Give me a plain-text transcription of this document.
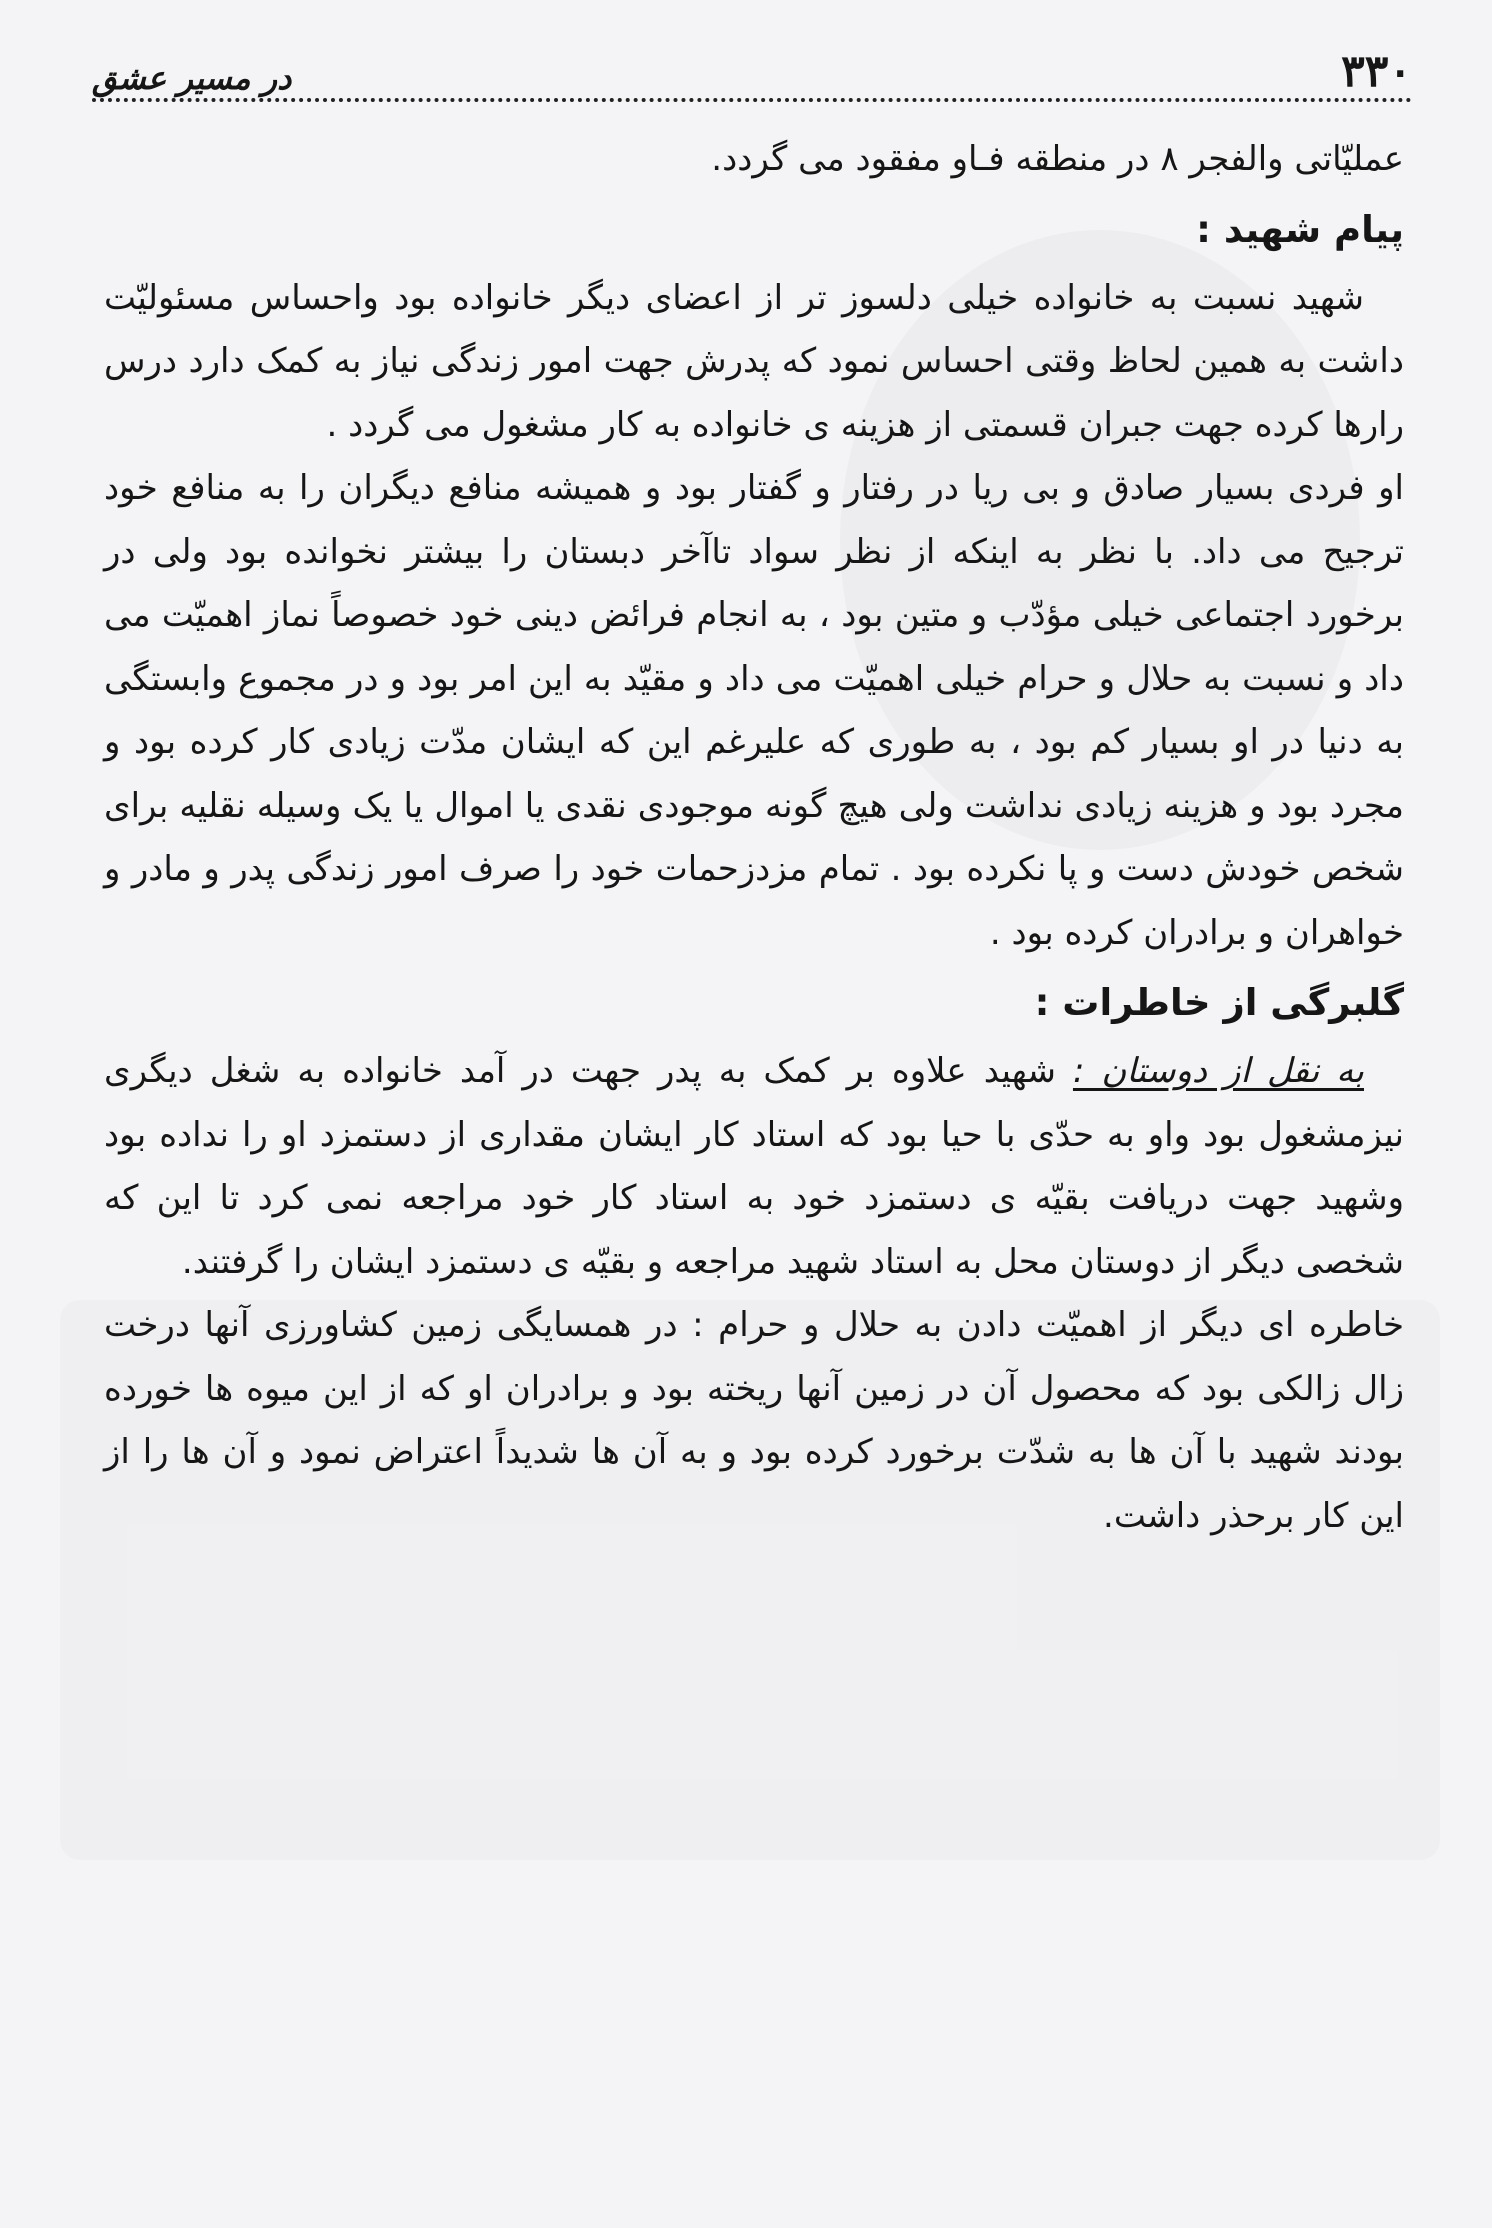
۳۳۰
در مسیر عشق

عملیّاتی والفجر ۸ در منطقه فـاو مفقود می گردد.

پیام شهید :

شهید نسبت به خانواده خیلی دلسوز تر از اعضای دیگر خانواده بود واحساس مسئولیّت داشت به همین لحاظ وقتی احساس نمود که پدرش جهت امور زندگی نیاز به کمک دارد درس رارها کرده جهت جبران قسمتی از هزینه ی خانواده به کار مشغول می گردد .

او فردی بسیار صادق و بی ریا در رفتار و گفتار بود و همیشه منافع دیگران را به منافع خود ترجیح می داد. با نظر به اینکه از نظر سواد تاآخر دبستان را بیشتر نخوانده بود ولی در برخورد اجتماعی خیلی مؤدّب و متین بود ، به انجام فرائض دینی خود خصوصاً نماز اهمیّت می داد و نسبت به حلال و حرام خیلی اهمیّت می داد و مقیّد به این امر بود و در مجموع وابستگی به دنیا در او بسیار کم بود ، به طوری که علیرغم این که ایشان مدّت زیادی کار کرده بود و مجرد بود و هزینه زیادی نداشت ولی هیچ گونه موجودی نقدی یا اموال یا یک وسیله نقلیه برای شخص خودش دست و پا نکرده بود . تمام مزدزحمات خود را صرف امور زندگی پدر و مادر و خواهران و برادران کرده بود .

گلبرگی از خاطرات :

به نقل از دوستان : شهید علاوه بر کمک به پدر جهت در آمد خانواده به شغل دیگری نیزمشغول بود واو به حدّی با حیا بود که استاد کار ایشان مقداری از دستمزد او را نداده بود وشهید جهت دریافت بقیّه ی دستمزد خود به استاد کار خود مراجعه نمی کرد تا این که شخصی دیگر از دوستان محل به استاد شهید مراجعه و بقیّه ی دستمزد ایشان را گرفتند.

خاطره ای دیگر از اهمیّت دادن به حلال و حرام : در همسایگی زمین کشاورزی آنها درخت زال زالکی بود که محصول آن در زمین آنها ریخته بود و برادران او که از این میوه ها خورده بودند شهید با آن ها به شدّت برخورد کرده بود و به آن ها شدیداً اعتراض نمود و آن ها را از این کار برحذر داشت.
